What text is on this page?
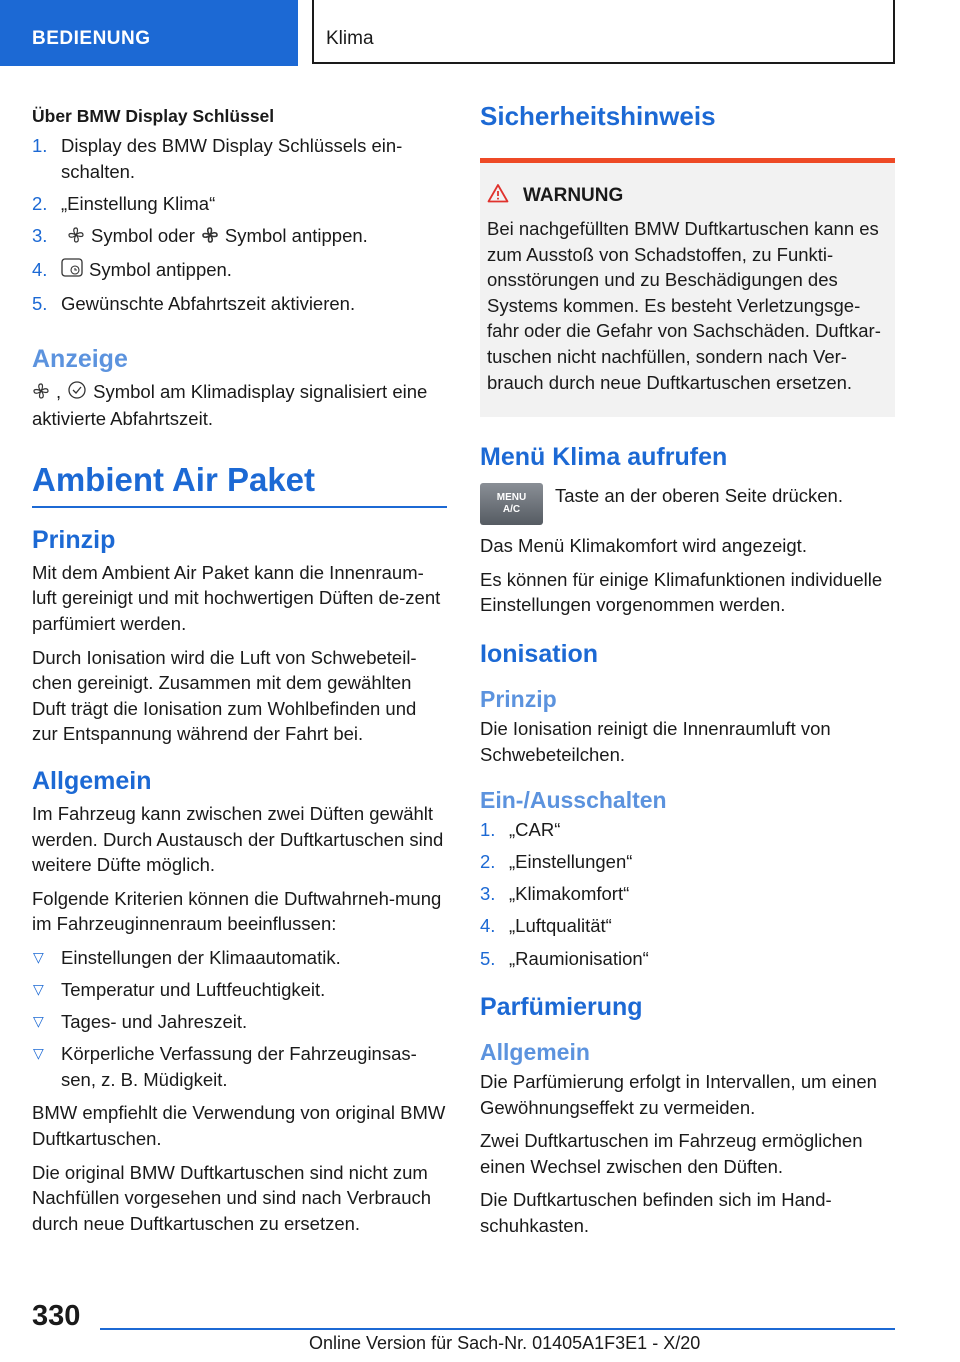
BEDIENUNG	Klima
Über BMW Display Schlüssel
1. Display des BMW Display Schlüssels ein-schalten.
2. „Einstellung Klima“
3. Symbol oder Symbol antippen.
4. Symbol antippen.
5. Gewünschte Abfahrtszeit aktivieren.
Anzeige

, Symbol am Klimadisplay signalisiert eine aktivierte Abfahrtszeit.

Ambient Air Paket
Prinzip

Mit dem Ambient Air Paket kann die Innenraum-luft gereinigt und mit hochwertigen Düften de-zent parfümiert werden.

Durch Ionisation wird die Luft von Schwebeteil-chen gereinigt. Zusammen mit dem gewählten Duft trägt die Ionisation zum Wohlbefinden und zur Entspannung während der Fahrt bei.

Allgemein

Im Fahrzeug kann zwischen zwei Düften gewählt werden. Durch Austausch der Duftkartuschen sind weitere Düfte möglich.

Folgende Kriterien können die Duftwahrneh-mung im Fahrzeuginnenraum beeinflussen:

▽ Einstellungen der Klimaautomatik.
▽ Temperatur und Luftfeuchtigkeit.
▽ Tages- und Jahreszeit.
▽ Körperliche Verfassung der Fahrzeuginsas-sen, z. B. Müdigkeit.

BMW empfiehlt die Verwendung von original BMW Duftkartuschen.

Die original BMW Duftkartuschen sind nicht zum Nachfüllen vorgesehen und sind nach Verbrauch durch neue Duftkartuschen zu ersetzen.

Sicherheitshinweis
WARNUNG

Bei nachgefüllten BMW Duftkartuschen kann es zum Ausstoß von Schadstoffen, zu Funkti-onsstörungen und zu Beschädigungen des Systems kommen. Es besteht Verletzungsge-fahr oder die Gefahr von Sachschäden. Duftkar-tuschen nicht nachfüllen, sondern nach Ver-brauch durch neue Duftkartuschen ersetzen.

Menü Klima aufrufen
MENU
A/C

Taste an der oberen Seite drücken.

Das Menü Klimakomfort wird angezeigt.

Es können für einige Klimafunktionen individuelle Einstellungen vorgenommen werden.

Ionisation
Prinzip

Die Ionisation reinigt die Innenraumluft von Schwebeteilchen.

Ein-/Ausschalten
1. „CAR“
2. „Einstellungen“
3. „Klimakomfort“
4. „Luftqualität“
5. „Raumionisation“
Parfümierung
Allgemein

Die Parfümierung erfolgt in Intervallen, um einen Gewöhnungseffekt zu vermeiden.

Zwei Duftkartuschen im Fahrzeug ermöglichen einen Wechsel zwischen den Düften.

Die Duftkartuschen befinden sich im Hand-schuhkasten.

330
Online Version für Sach-Nr. 01405A1F3E1 - X/20
